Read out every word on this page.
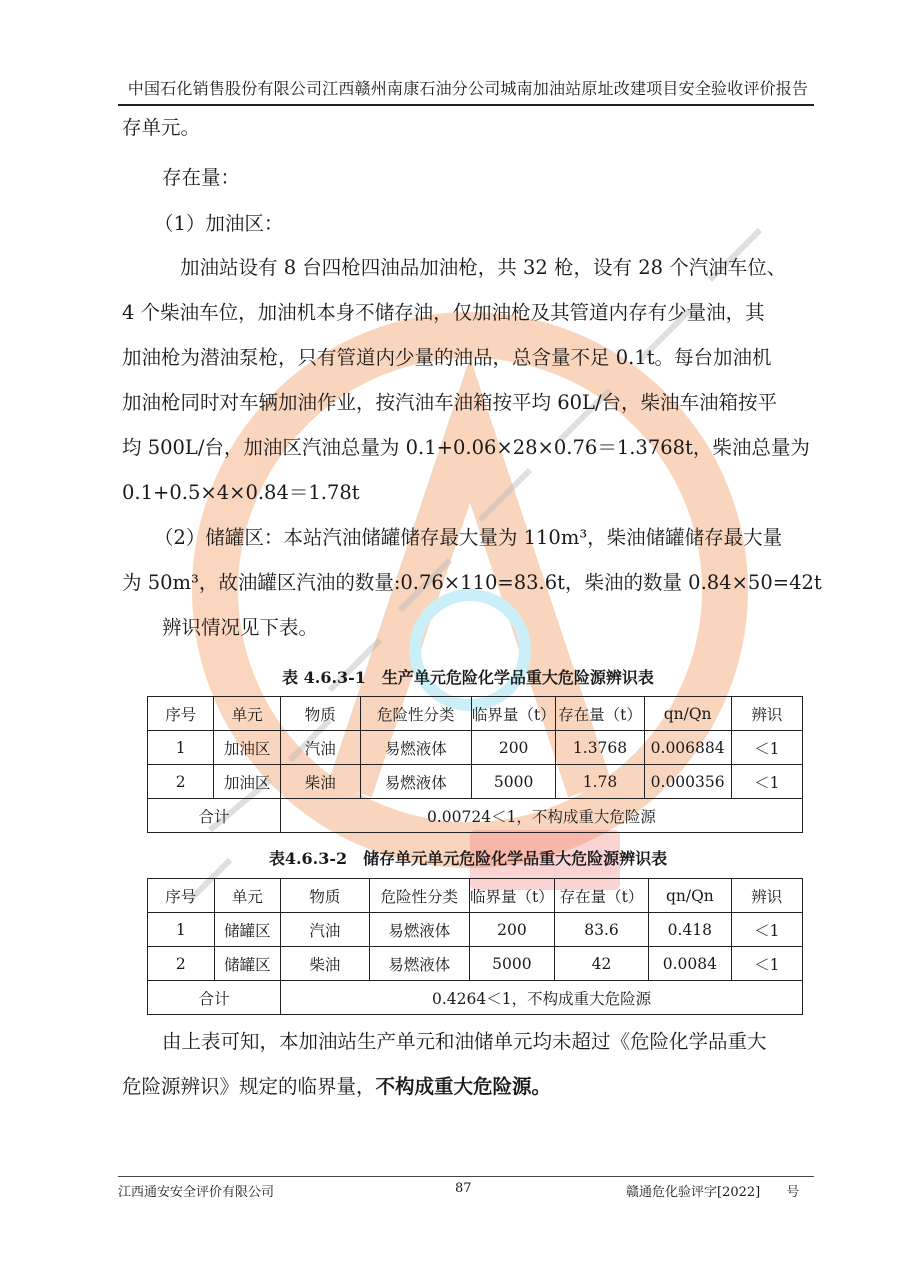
中国石化销售股份有限公司江西赣州南康石油分公司城南加油站原址改建项目安全验收评价报告
存单元。
存在量：
（1）加油区：
加油站设有 8 台四枪四油品加油枪，共 32 枪，设有 28 个汽油车位、
4 个柴油车位，加油机本身不储存油，仅加油枪及其管道内存有少量油，其
加油枪为潜油泵枪，只有管道内少量的油品，总含量不足 0.1t。每台加油机
加油枪同时对车辆加油作业，按汽油车油箱按平均 60L/台，柴油车油箱按平
均 500L/台，加油区汽油总量为 0.1+0.06×28×0.76＝1.3768t，柴油总量为
0.1+0.5×4×0.84＝1.78t
（2）储罐区：本站汽油储罐储存最大量为 110m³，柴油储罐储存最大量
为 50m³，故油罐区汽油的数量:0.76×110=83.6t，柴油的数量 0.84×50=42t
辨识情况见下表。
表 4.6.3-1　生产单元危险化学品重大危险源辨识表
序号	单元	物质	危险性分类	临界量（t）	存在量（t）	qn/Qn	辨识
1	加油区	汽油	易燃液体	200	1.3768	0.006884	＜1
2	加油区	柴油	易燃液体	5000	1.78	0.000356	＜1
合计		0.00724＜1，不构成重大危险源					
表4.6.3-2　储存单元单元危险化学品重大危险源辨识表
序号	单元	物质	危险性分类	临界量（t）	存在量（t）	qn/Qn	辨识
1	储罐区	汽油	易燃液体	200	83.6	0.418	＜1
2	储罐区	柴油	易燃液体	5000	42	0.0084	＜1
合计		0.4264＜1，不构成重大危险源					
由上表可知，本加油站生产单元和油储单元均未超过《危险化学品重大
危险源辨识》规定的临界量，不构成重大危险源。
江西通安安全评价有限公司	87	赣通危化验评字[2022]　　号
